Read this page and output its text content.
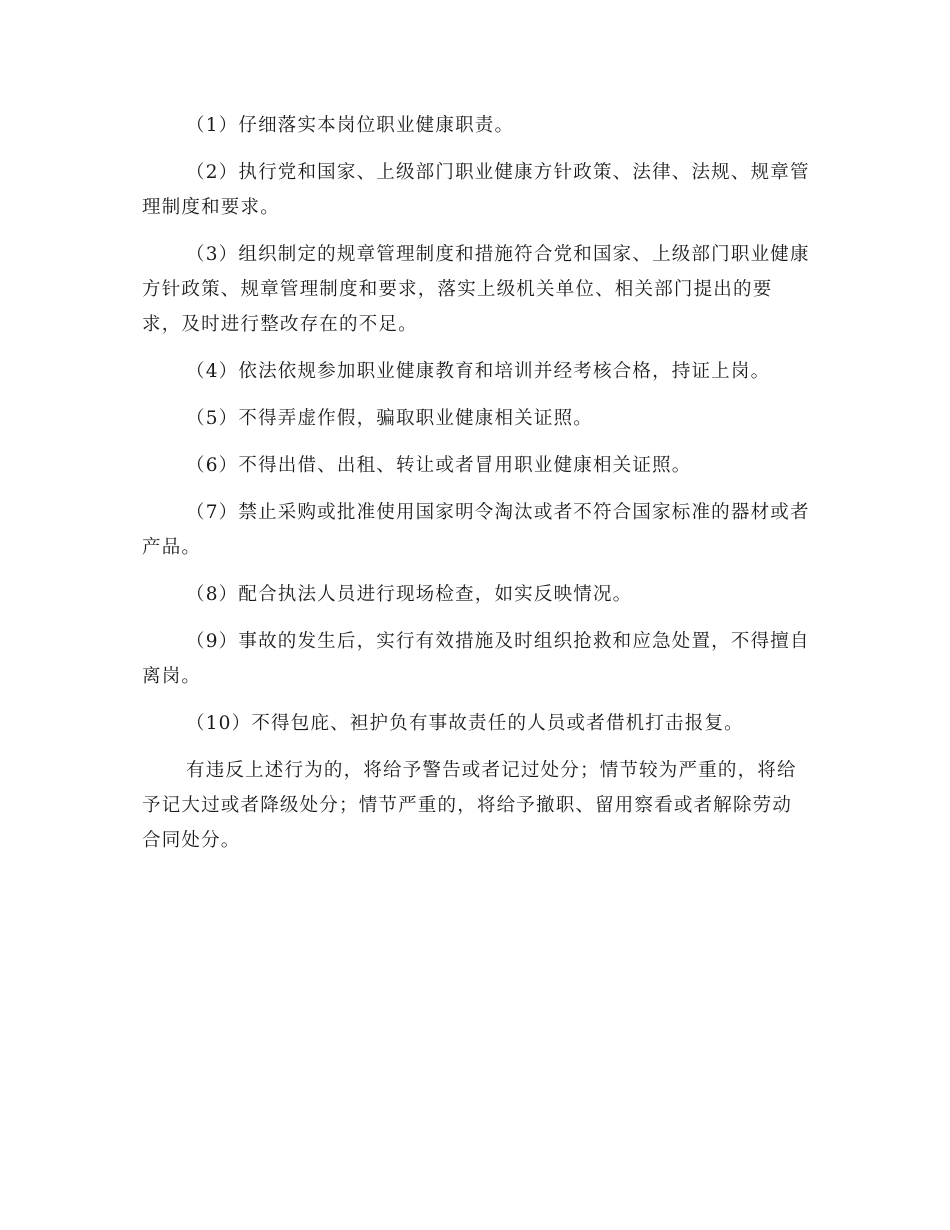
（1）仔细落实本岗位职业健康职责。

（2）执行党和国家、上级部门职业健康方针政策、法律、法规、规章管理制度和要求。

（3）组织制定的规章管理制度和措施符合党和国家、上级部门职业健康方针政策、规章管理制度和要求，落实上级机关单位、相关部门提出的要求，及时进行整改存在的不足。

（4）依法依规参加职业健康教育和培训并经考核合格，持证上岗。

（5）不得弄虚作假，骗取职业健康相关证照。

（6）不得出借、出租、转让或者冒用职业健康相关证照。

（7）禁止采购或批准使用国家明令淘汰或者不符合国家标准的器材或者产品。

（8）配合执法人员进行现场检查，如实反映情况。

（9）事故的发生后，实行有效措施及时组织抢救和应急处置，不得擅自离岗。

（10）不得包庇、袒护负有事故责任的人员或者借机打击报复。

有违反上述行为的，将给予警告或者记过处分；情节较为严重的，将给予记大过或者降级处分；情节严重的，将给予撤职、留用察看或者解除劳动合同处分。
